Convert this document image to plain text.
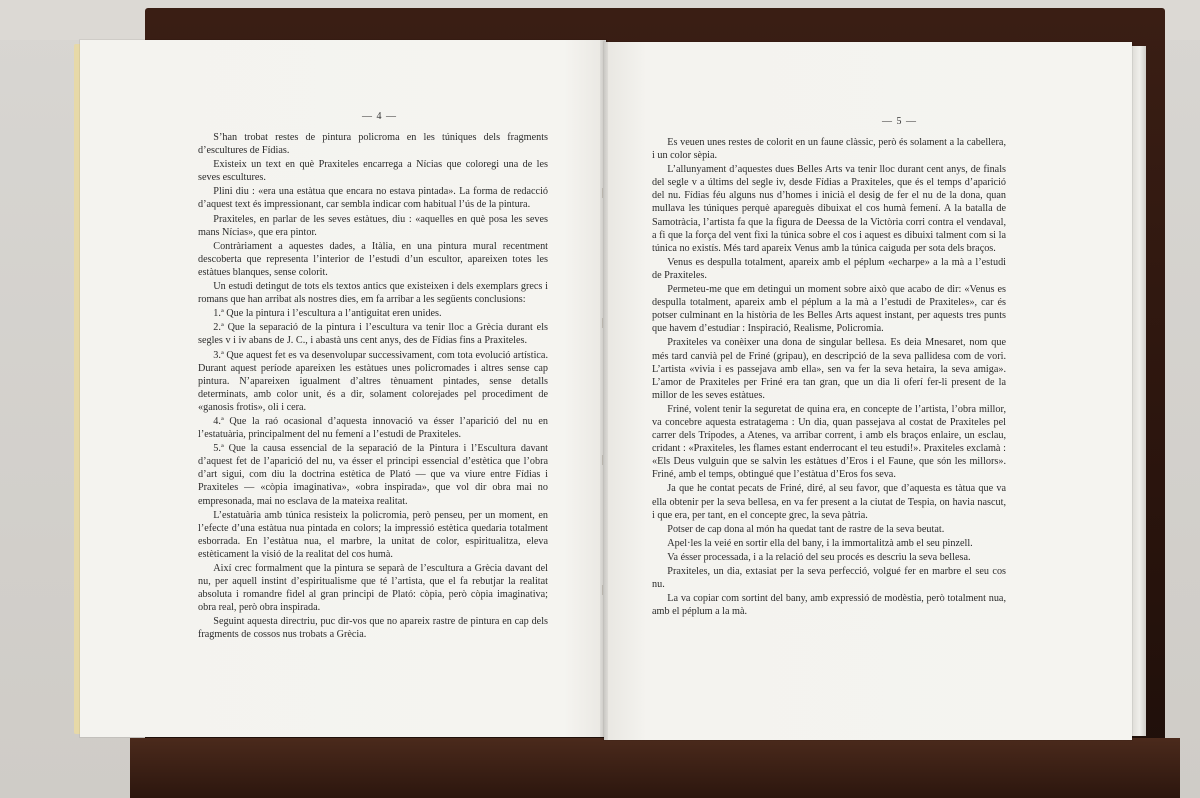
— 4 —

S’han trobat restes de pintura policroma en les túniques dels fragments d’escultures de Fídias.

Existeix un text en què Praxiteles encarrega a Nícias que coloregi una de les seves escultures.

Plini diu : «era una estàtua que encara no estava pintada». La forma de redacció d’aquest text és impressionant, car sembla indicar com habitual l’ús de la pintura.

Praxiteles, en parlar de les seves estàtues, diu : «aquelles en què posa les seves mans Nícias», que era pintor.

Contràriament a aquestes dades, a Itàlia, en una pintura mural recentment descoberta que representa l’interior de l’estudi d’un escultor, apareixen totes les estàtues blanques, sense colorit.

Un estudi detingut de tots els textos antics que existeixen i dels exemplars grecs i romans que han arribat als nostres dies, em fa arribar a les següents conclusions:

1.ª Que la pintura i l’escultura a l’antiguitat eren unides.

2.ª Que la separació de la pintura i l’escultura va tenir lloc a Grècia durant els segles v i iv abans de J. C., i abastà uns cent anys, des de Fídias fins a Praxiteles.

3.ª Que aquest fet es va desenvolupar successivament, com tota evolució artística. Durant aquest període apareixen les estàtues unes policromades i altres sense cap pintura. N’apareixen igualment d’altres tènuament pintades, sense detalls determinats, amb color unit, és a dir, solament colorejades pel procediment de «ganosis frotis», oli i cera.

4.ª Que la raó ocasional d’aquesta innovació va ésser l’aparició del nu en l’estatuària, principalment del nu femení a l’estudi de Praxiteles.

5.ª Que la causa essencial de la separació de la Pintura i l’Escultura davant d’aquest fet de l’aparició del nu, va ésser el principi essencial d’estètica que l’obra d’art sigui, com diu la doctrina estètica de Plató — que va viure entre Fídias i Praxiteles — «còpia imaginativa», «obra inspirada», que vol dir obra mai no empresonada, mai no esclava de la mateixa realitat.

L’estatuària amb túnica resisteix la policromia, però penseu, per un moment, en l’efecte d’una estàtua nua pintada en colors; la impressió estètica quedaria totalment esborrada. En l’estàtua nua, el marbre, la unitat de color, espiritualitza, eleva estèticament la visió de la realitat del cos humà.

Així crec formalment que la pintura se separà de l’escultura a Grècia davant del nu, per aquell instint d’espiritualisme que té l’artista, que el fa rebutjar la realitat absoluta i romandre fidel al gran principi de Plató: còpia, però còpia imaginativa; obra real, però obra inspirada.

Seguint aquesta directriu, puc dir-vos que no apareix rastre de pintura en cap dels fragments de cossos nus trobats a Grècia.

— 5 —

Es veuen unes restes de colorit en un faune clàssic, però és solament a la cabellera, i un color sèpia.

L’allunyament d’aquestes dues Belles Arts va tenir lloc durant cent anys, de finals del segle v a últims del segle iv, desde Fídias a Praxiteles, que és el temps d’aparició del nu. Fídias féu alguns nus d’homes i inicià el desig de fer el nu de la dona, quan mullava les túniques perquè apareguès dibuixat el cos humà femení. A la batalla de Samotràcia, l’artista fa que la figura de Deessa de la Victòria corri contra el vendaval, a fi que la força del vent fixi la túnica sobre el cos i aquest es dibuixi talment com si la túnica no existís. Més tard apareix Venus amb la túnica caiguda per sota dels braços.

Venus es despulla totalment, apareix amb el péplum «echarpe» a la mà a l’estudi de Praxiteles.

Permeteu-me que em detingui un moment sobre això que acabo de dir: «Venus es despulla totalment, apareix amb el péplum a la mà a l’estudi de Praxiteles», car és potser culminant en la història de les Belles Arts aquest instant, per aquests tres punts que havem d’estudiar : Inspiració, Realisme, Policromia.

Praxiteles va conèixer una dona de singular bellesa. Es deia Mnesaret, nom que més tard canvià pel de Friné (gripau), en descripció de la seva pallidesa com de vori. L’artista «vivia i es passejava amb ella», sen va fer la seva hetaira, la seva amiga». L’amor de Praxiteles per Friné era tan gran, que un dia li oferí fer-li present de la millor de les seves estàtues.

Friné, volent tenir la seguretat de quina era, en concepte de l’artista, l’obra millor, va concebre aquesta estratagema : Un dia, quan passejava al costat de Praxiteles pel carrer dels Trípodes, a Atenes, va arribar corrent, i amb els braços enlaire, un esclau, cridant : «Praxiteles, les flames estant enderrocant el teu estudi!». Praxiteles exclamà : «Els Deus vulguin que se salvin les estàtues d’Eros i el Faune, que són les millors». Friné, amb el temps, obtingué que l’estàtua d’Eros fos seva.

Ja que he contat pecats de Friné, diré, al seu favor, que d’aquesta es tàtua que va ella obtenir per la seva bellesa, en va fer present a la ciutat de Tespia, on havia nascut, i que era, per tant, en el concepte grec, la seva pàtria.

Potser de cap dona al món ha quedat tant de rastre de la seva beutat.

Apel·les la veié en sortir ella del bany, i la immortalitzà amb el seu pinzell.

Va ésser processada, i a la relació del seu procés es descriu la seva bellesa.

Praxiteles, un dia, extasiat per la seva perfecció, volgué fer en marbre el seu cos nu.

La va copiar com sortint del bany, amb expressió de modèstia, però totalment nua, amb el péplum a la mà.
